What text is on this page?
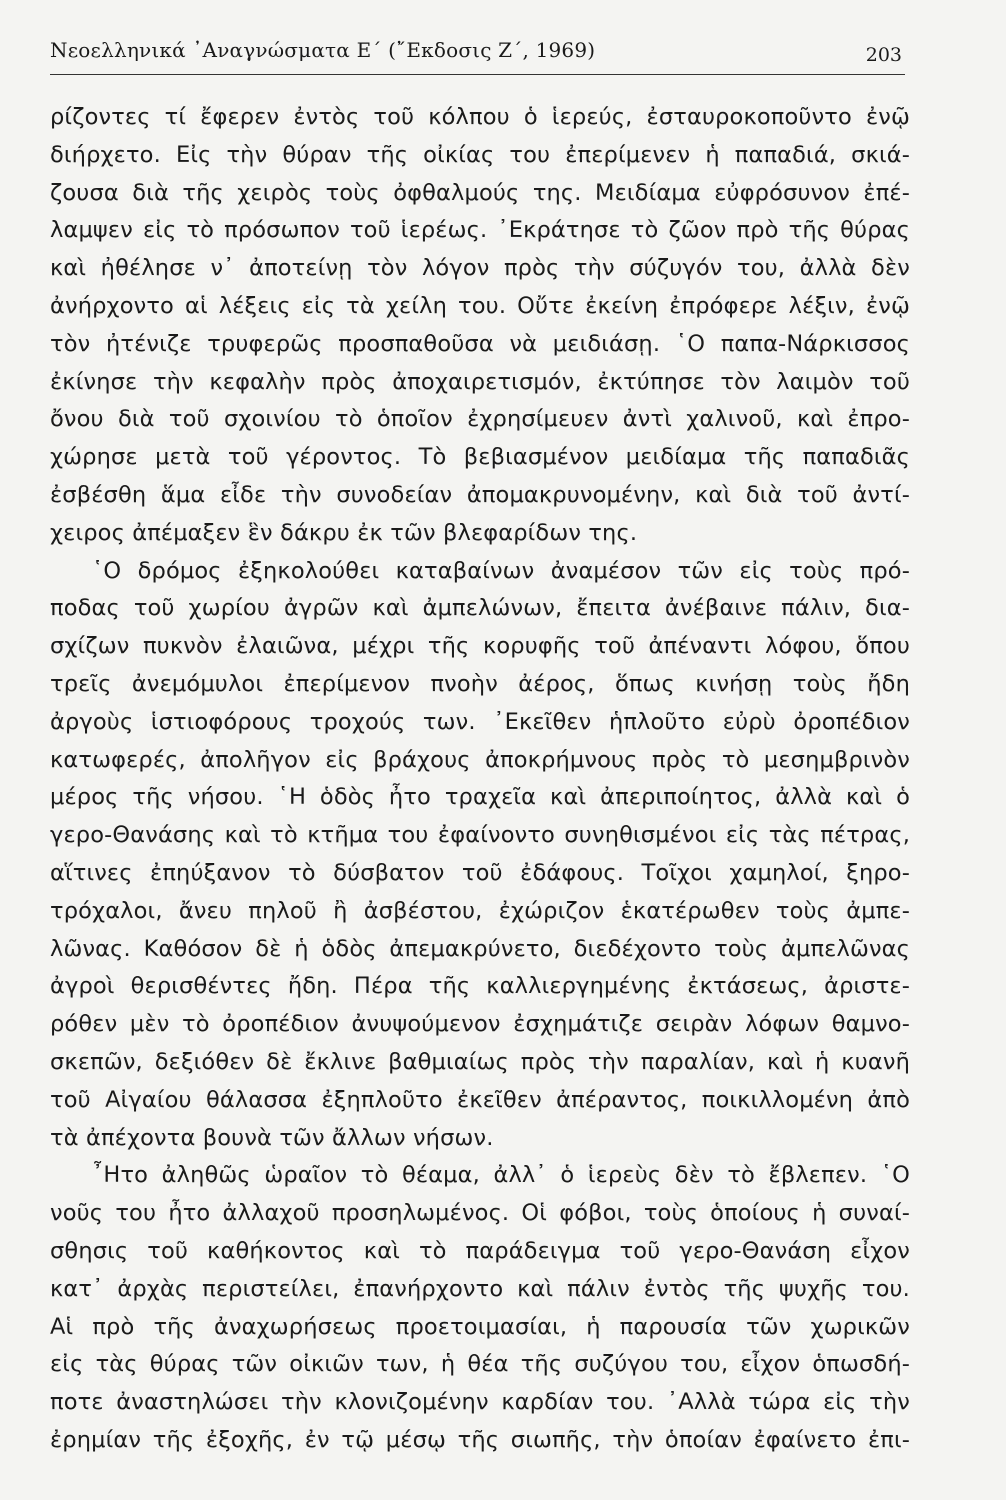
Νεοελληνικά ᾿Αναγνώσματα Ε΄ (῎Εκδοσις Ζ΄, 1969)	203
ρίζοντες τί ἔφερεν ἐντὸς τοῦ κόλπου ὁ ἱερεύς, ἐσταυροκοποῦντο ἐνῷ
διήρχετο. Εἰς τὴν θύραν τῆς οἰκίας του ἐπερίμενεν ἡ παπαδιά, σκιά-
ζουσα διὰ τῆς χειρὸς τοὺς ὀφθαλμούς της. Μειδίαμα εὐφρόσυνον ἐπέ-
λαμψεν εἰς τὸ πρόσωπον τοῦ ἱερέως. ᾿Εκράτησε τὸ ζῶον πρὸ τῆς θύρας
καὶ ἠθέλησε ν᾿ ἀποτείνῃ τὸν λόγον πρὸς τὴν σύζυγόν του, ἀλλὰ δὲν
ἀνήρχοντο αἱ λέξεις εἰς τὰ χείλη του. Οὔτε ἐκείνη ἐπρόφερε λέξιν, ἐνῷ
τὸν ἠτένιζε τρυφερῶς προσπαθοῦσα νὰ μειδιάσῃ. ῾Ο παπα-Νάρκισσος
ἐκίνησε τὴν κεφαλὴν πρὸς ἀποχαιρετισμόν, ἐκτύπησε τὸν λαιμὸν τοῦ
ὄνου διὰ τοῦ σχοινίου τὸ ὁποῖον ἐχρησίμευεν ἀντὶ χαλινοῦ, καὶ ἐπρο-
χώρησε μετὰ τοῦ γέροντος. Τὸ βεβιασμένον μειδίαμα τῆς παπαδιᾶς
ἐσβέσθη ἅμα εἶδε τὴν συνοδείαν ἀπομακρυνομένην, καὶ διὰ τοῦ ἀντί-
χειρος ἀπέμαξεν ἓν δάκρυ ἐκ τῶν βλεφαρίδων της.
῾Ο δρόμος ἐξηκολούθει καταβαίνων ἀναμέσον τῶν εἰς τοὺς πρό-
ποδας τοῦ χωρίου ἀγρῶν καὶ ἀμπελώνων, ἔπειτα ἀνέβαινε πάλιν, δια-
σχίζων πυκνὸν ἐλαιῶνα, μέχρι τῆς κορυφῆς τοῦ ἀπέναντι λόφου, ὅπου
τρεῖς ἀνεμόμυλοι ἐπερίμενον πνοὴν ἀέρος, ὅπως κινήσῃ τοὺς ἤδη
ἀργοὺς ἱστιοφόρους τροχούς των. ᾿Εκεῖθεν ἡπλοῦτο εὐρὺ ὀροπέδιον
κατωφερές, ἀπολῆγον εἰς βράχους ἀποκρήμνους πρὸς τὸ μεσημβρινὸν
μέρος τῆς νήσου. ῾Η ὁδὸς ἦτο τραχεῖα καὶ ἀπεριποίητος, ἀλλὰ καὶ ὁ
γερο-Θανάσης καὶ τὸ κτῆμα του ἐφαίνοντο συνηθισμένοι εἰς τὰς πέτρας,
αἵτινες ἐπηύξανον τὸ δύσβατον τοῦ ἐδάφους. Τοῖχοι χαμηλοί, ξηρο-
τρόχαλοι, ἄνευ πηλοῦ ἢ ἀσβέστου, ἐχώριζον ἑκατέρωθεν τοὺς ἀμπε-
λῶνας. Καθόσον δὲ ἡ ὁδὸς ἀπεμακρύνετο, διεδέχοντο τοὺς ἀμπελῶνας
ἀγροὶ θερισθέντες ἤδη. Πέρα τῆς καλλιεργημένης ἐκτάσεως, ἀριστε-
ρόθεν μὲν τὸ ὀροπέδιον ἀνυψούμενον ἐσχημάτιζε σειρὰν λόφων θαμνο-
σκεπῶν, δεξιόθεν δὲ ἔκλινε βαθμιαίως πρὸς τὴν παραλίαν, καὶ ἡ κυανῆ
τοῦ Αἰγαίου θάλασσα ἐξηπλοῦτο ἐκεῖθεν ἀπέραντος, ποικιλλομένη ἀπὸ
τὰ ἀπέχοντα βουνὰ τῶν ἄλλων νήσων.
῏Ητο ἀληθῶς ὡραῖον τὸ θέαμα, ἀλλ᾿ ὁ ἱερεὺς δὲν τὸ ἔβλεπεν. ῾Ο
νοῦς του ἦτο ἀλλαχοῦ προσηλωμένος. Οἱ φόβοι, τοὺς ὁποίους ἡ συναί-
σθησις τοῦ καθήκοντος καὶ τὸ παράδειγμα τοῦ γερο-Θανάση εἶχον
κατ᾿ ἀρχὰς περιστείλει, ἐπανήρχοντο καὶ πάλιν ἐντὸς τῆς ψυχῆς του.
Αἱ πρὸ τῆς ἀναχωρήσεως προετοιμασίαι, ἡ παρουσία τῶν χωρικῶν
εἰς τὰς θύρας τῶν οἰκιῶν των, ἡ θέα τῆς συζύγου του, εἶχον ὁπωσδή-
ποτε ἀναστηλώσει τὴν κλονιζομένην καρδίαν του. ᾿Αλλὰ τώρα εἰς τὴν
ἐρημίαν τῆς ἐξοχῆς, ἐν τῷ μέσῳ τῆς σιωπῆς, τὴν ὁποίαν ἐφαίνετο ἐπι-
